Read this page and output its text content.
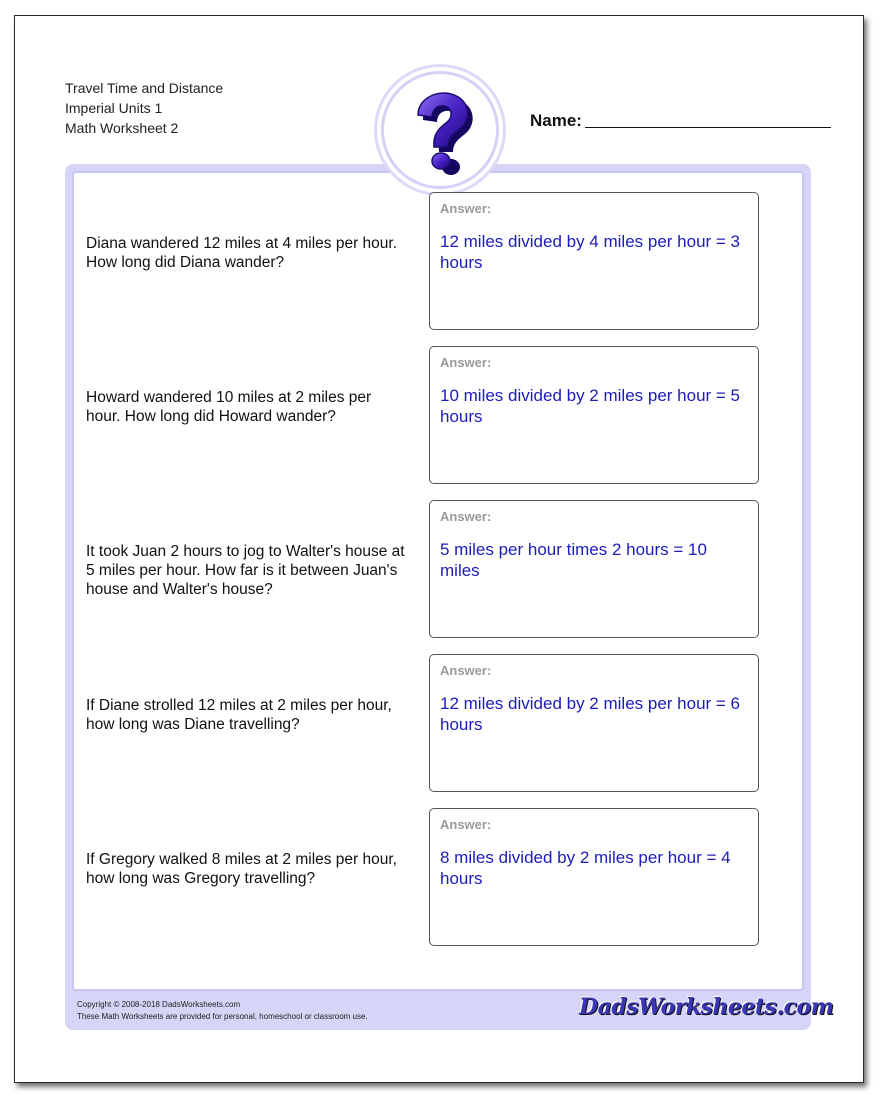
Travel Time and Distance
Imperial Units 1
Math Worksheet 2	Name:
Diana wandered 12 miles at 4 miles per hour. How long did Diana wander?
Answer:
12 miles divided by 4 miles per hour = 3 hours
Howard wandered 10 miles at 2 miles per hour. How long did Howard wander?
Answer:
10 miles divided by 2 miles per hour = 5 hours
It took Juan 2 hours to jog to Walter's house at 5 miles per hour. How far is it between Juan's house and Walter's house?
Answer:
5 miles per hour times 2 hours = 10 miles
If Diane strolled 12 miles at 2 miles per hour, how long was Diane travelling?
Answer:
12 miles divided by 2 miles per hour = 6 hours
If Gregory walked 8 miles at 2 miles per hour, how long was Gregory travelling?
Answer:
8 miles divided by 2 miles per hour = 4 hours
Copyright © 2008-2018 DadsWorksheets.com
These Math Worksheets are provided for personal, homeschool or classroom use.	DadsWorksheets.com
